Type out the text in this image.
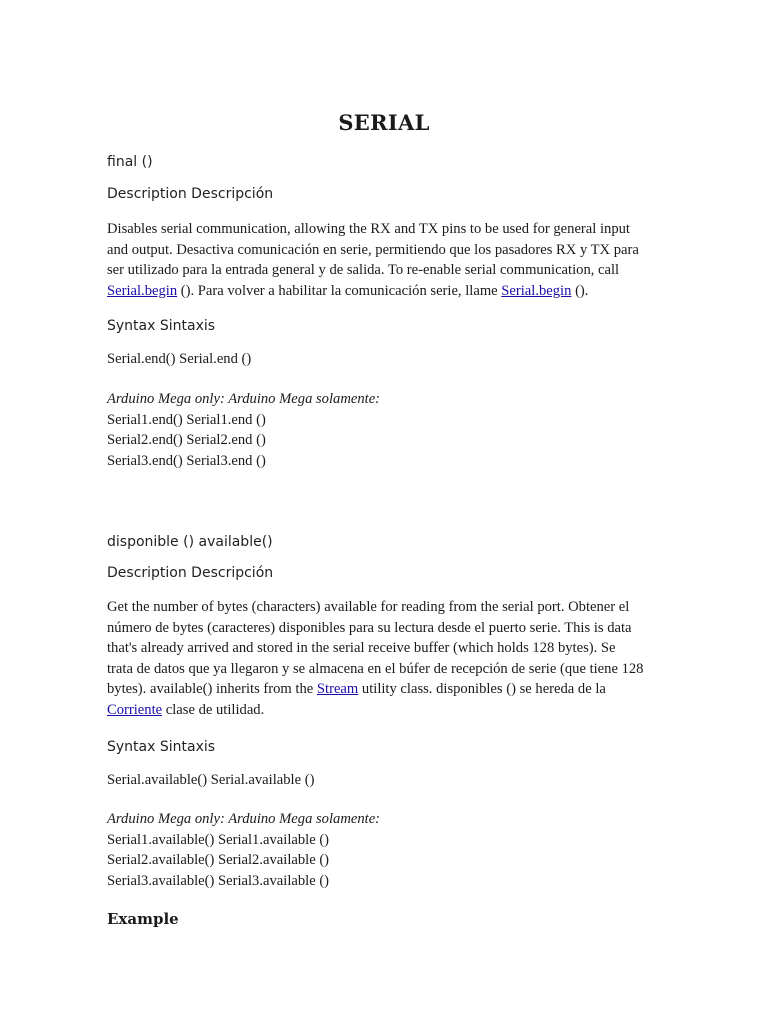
SERIAL

final ()

Description Descripción

Disables serial communication, allowing the RX and TX pins to be used for general input
and output. Desactiva comunicación en serie, permitiendo que los pasadores RX y TX para
ser utilizado para la entrada general y de salida. To re-enable serial communication, call
Serial.begin (). Para volver a habilitar la comunicación serie, llame Serial.begin ().

Syntax Sintaxis

Serial.end() Serial.end ()

Arduino Mega only: Arduino Mega solamente:
Serial1.end() Serial1.end ()
Serial2.end() Serial2.end ()
Serial3.end() Serial3.end ()

disponible () available()

Description Descripción

Get the number of bytes (characters) available for reading from the serial port. Obtener el
número de bytes (caracteres) disponibles para su lectura desde el puerto serie. This is data
that's already arrived and stored in the serial receive buffer (which holds 128 bytes). Se
trata de datos que ya llegaron y se almacena en el búfer de recepción de serie (que tiene 128
bytes). available() inherits from the Stream utility class. disponibles () se hereda de la
Corriente clase de utilidad.

Syntax Sintaxis

Serial.available() Serial.available ()

Arduino Mega only: Arduino Mega solamente:
Serial1.available() Serial1.available ()
Serial2.available() Serial2.available ()
Serial3.available() Serial3.available ()
Example
